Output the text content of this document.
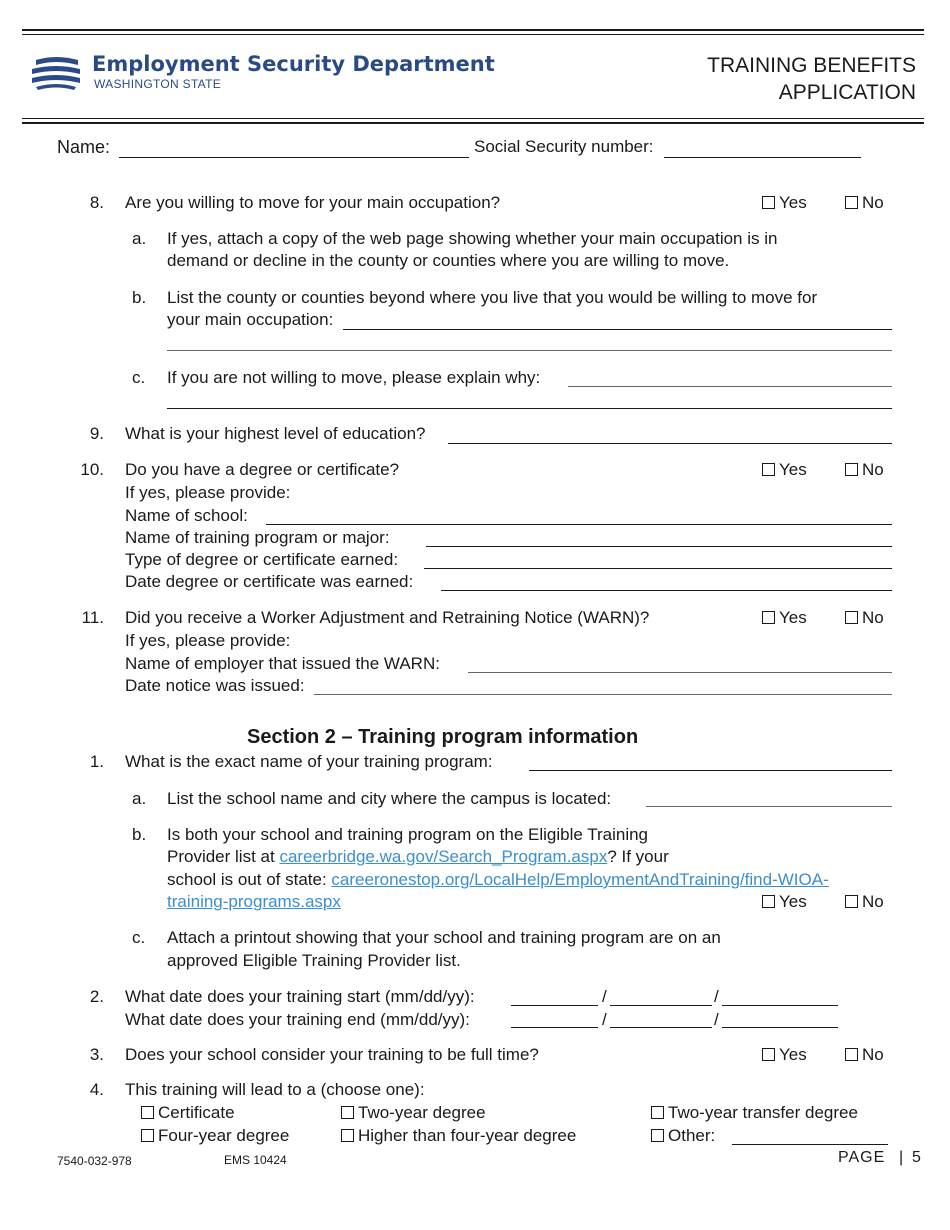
Employment Security Department
WASHINGTON STATE
TRAINING BENEFITS
APPLICATION
Name:	Social Security number:
8. Are you willing to move for your main occupation?	Yes	No
a. If yes, attach a copy of the web page showing whether your main occupation is in
demand or decline in the county or counties where you are willing to move.
b. List the county or counties beyond where you live that you would be willing to move for
your main occupation:
c. If you are not willing to move, please explain why:
9. What is your highest level of education?
10. Do you have a degree or certificate?	Yes	No
If yes, please provide:
Name of school:
Name of training program or major:
Type of degree or certificate earned:
Date degree or certificate was earned:
11. Did you receive a Worker Adjustment and Retraining Notice (WARN)?	Yes	No
If yes, please provide:
Name of employer that issued the WARN:
Date notice was issued:
Section 2 – Training program information
1. What is the exact name of your training program:
a. List the school name and city where the campus is located:
b. Is both your school and training program on the Eligible Training
Provider list at careerbridge.wa.gov/Search_Program.aspx? If your
school is out of state: careeronestop.org/LocalHelp/EmploymentAndTraining/find-WIOA-
training-programs.aspx	Yes	No
c. Attach a printout showing that your school and training program are on an
approved Eligible Training Provider list.
2. What date does your training start (mm/dd/yy):	/	/
What date does your training end (mm/dd/yy):	/	/
3. Does your school consider your training to be full time?	Yes	No
4. This training will lead to a (choose one):
Certificate	Two-year degree	Two-year transfer degree
Four-year degree	Higher than four-year degree	Other:
7540-032-978	EMS 10424	PAGE | 5
